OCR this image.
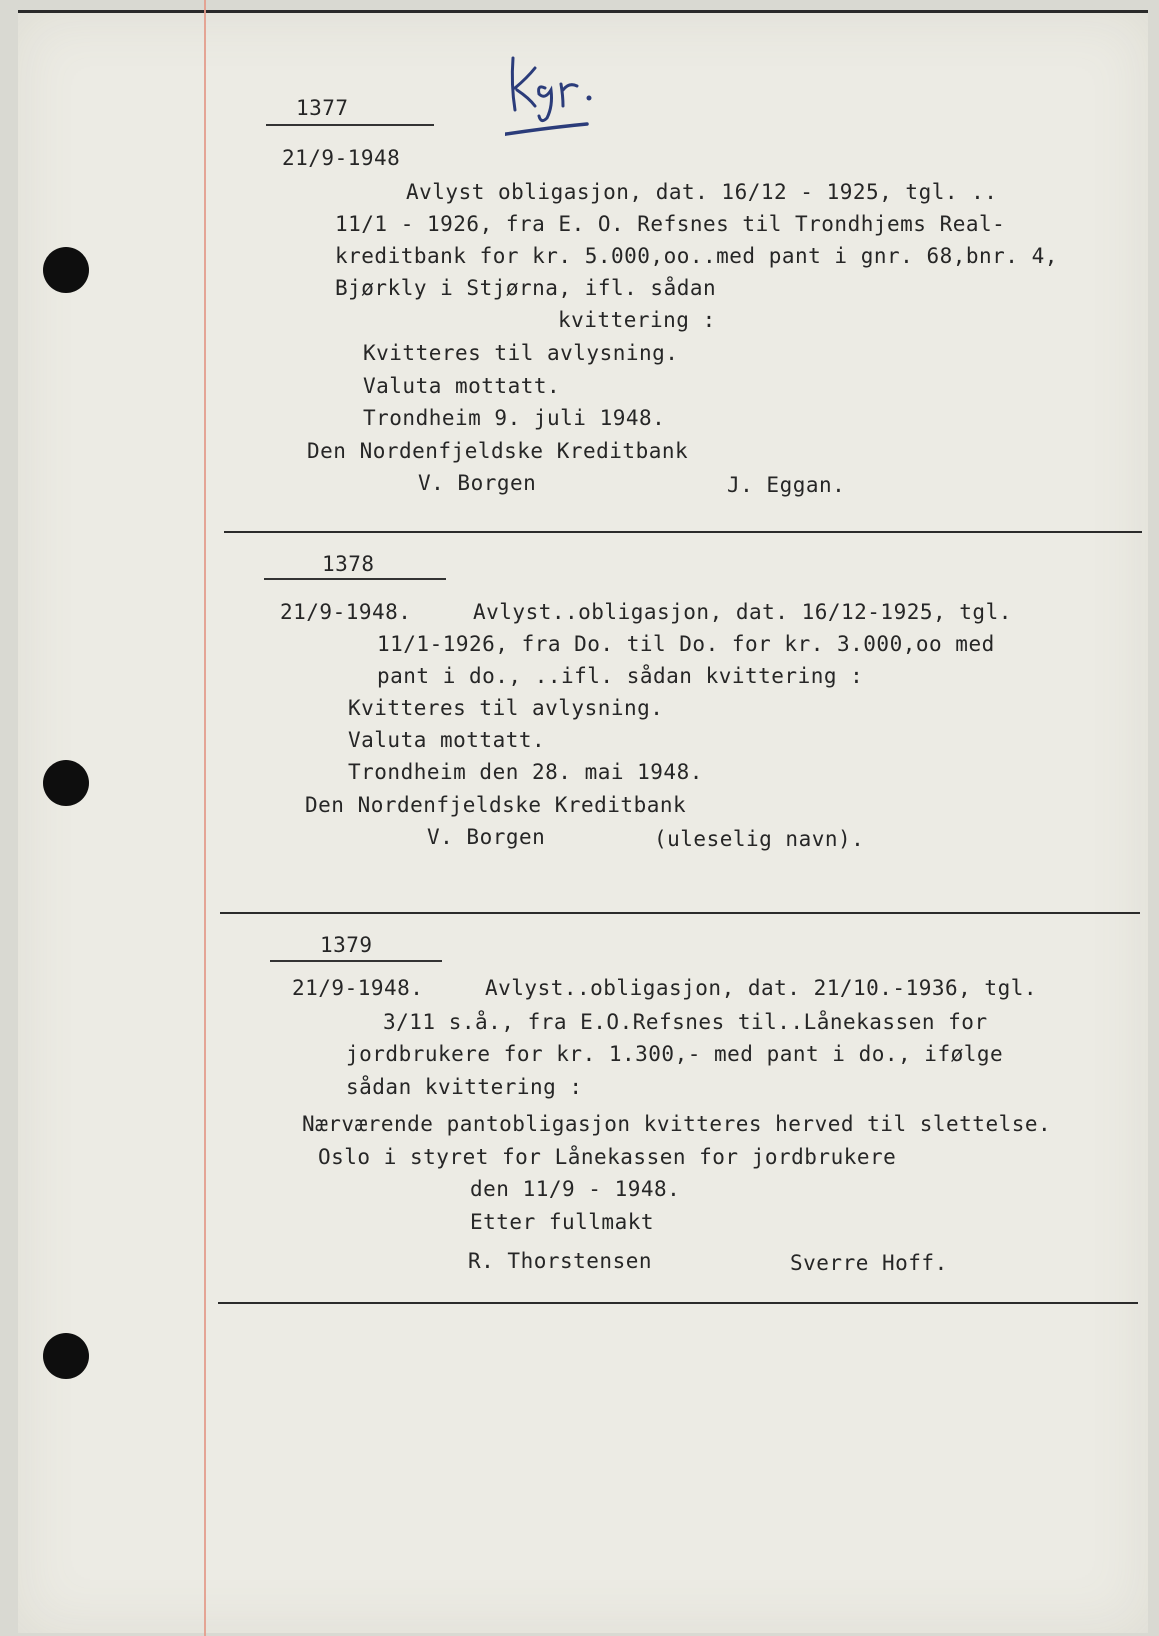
1377
21/9-1948
Avlyst obligasjon, dat. 16/12 - 1925, tgl. ..
11/1 - 1926, fra E. O. Refsnes til Trondhjems Real-
kreditbank for kr. 5.000,oo..med pant i gnr. 68,bnr. 4,
Bjørkly i Stjørna, ifl. sådan
kvittering :
Kvitteres til avlysning.
Valuta mottatt.
Trondheim 9. juli 1948.
Den Nordenfjeldske Kreditbank
V. Borgen	J. Eggan.
1378
21/9-1948.	Avlyst..obligasjon, dat. 16/12-1925, tgl.
11/1-1926, fra Do. til Do. for kr. 3.000,oo med
pant i do., ..ifl. sådan kvittering :
Kvitteres til avlysning.
Valuta mottatt.
Trondheim den 28. mai 1948.
Den Nordenfjeldske Kreditbank
V. Borgen	(uleselig navn).
1379
21/9-1948.	Avlyst..obligasjon, dat. 21/10.-1936, tgl.
3/11 s.å., fra E.O.Refsnes til..Lånekassen for
jordbrukere for kr. 1.300,- med pant i do., ifølge
sådan kvittering :
Nærværende pantobligasjon kvitteres herved til slettelse.
Oslo i styret for Lånekassen for jordbrukere
den 11/9 - 1948.
Etter fullmakt
R. Thorstensen	Sverre Hoff.
